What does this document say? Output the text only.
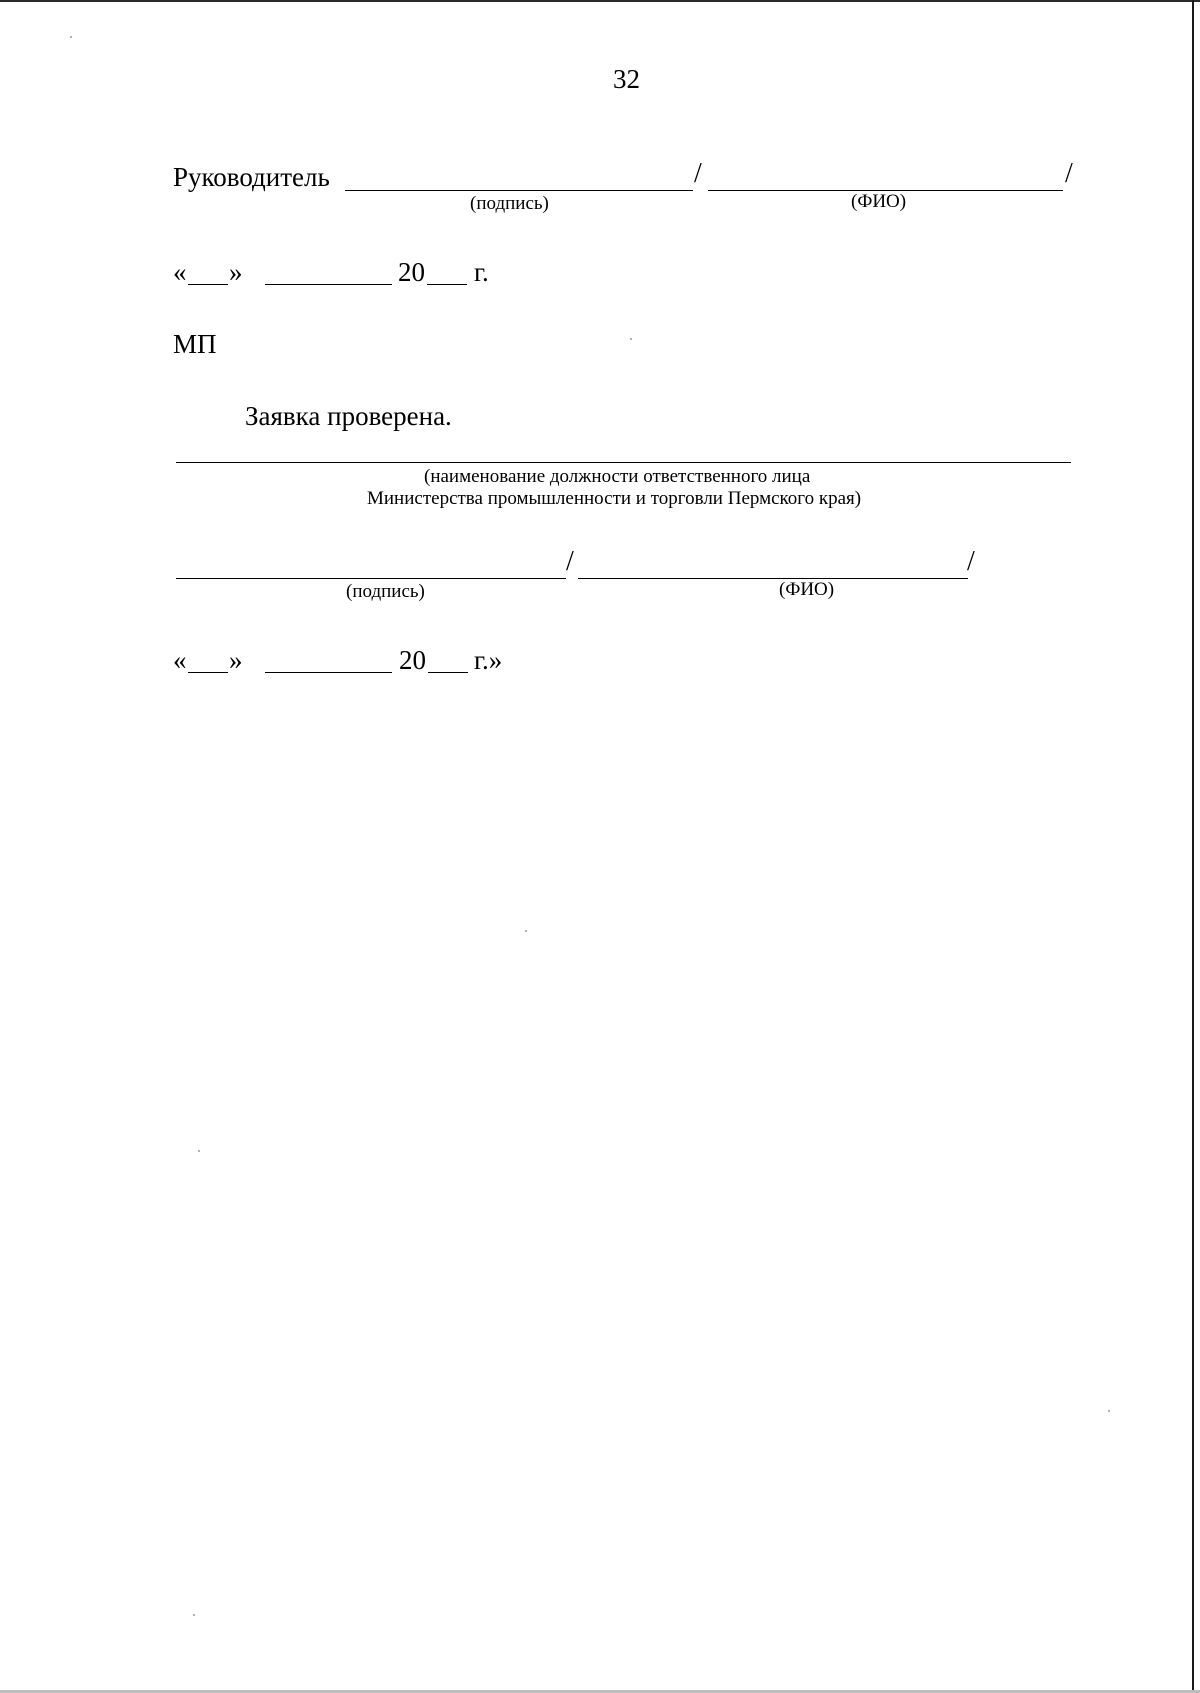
32
Руководитель	/	/
(подпись)	(ФИО)
« »	20 г.
МП
Заявка проверена.
(наименование должности ответственного лица
Министерства промышленности и торговли Пермского края)
/	/
(подпись)	(ФИО)
« »	20 г.»
